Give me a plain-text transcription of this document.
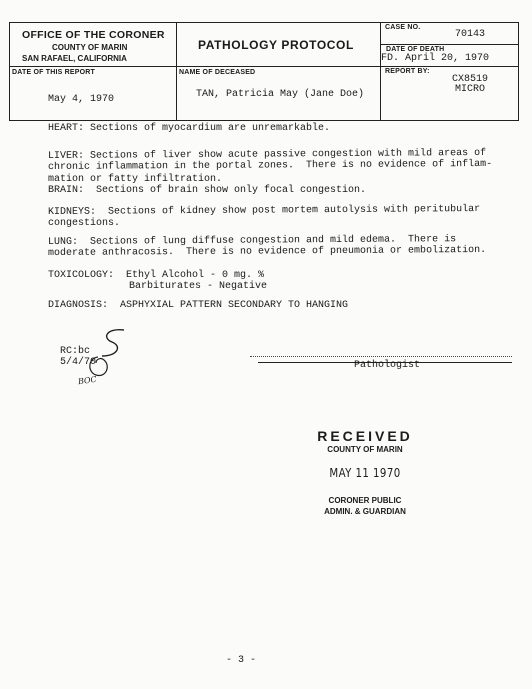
OFFICE OF THE CORONER
COUNTY OF MARIN
SAN RAFAEL, CALIFORNIA
PATHOLOGY PROTOCOL
CASE NO.
70143
DATE OF DEATH
FD. April 20, 1970
DATE OF THIS REPORT
May 4, 1970
NAME OF DECEASED
TAN, Patricia May (Jane Doe)
REPORT BY:
CX8519
MICRO
HEART: Sections of myocardium are unremarkable.
LIVER: Sections of liver show acute passive congestion with mild areas of
chronic inflammation in the portal zones.  There is no evidence of inflam-
mation or fatty infiltration.
BRAIN:  Sections of brain show only focal congestion.
KIDNEYS:  Sections of kidney show post mortem autolysis with peritubular
congestions.
LUNG:  Sections of lung diffuse congestion and mild edema.  There is
moderate anthracosis.  There is no evidence of pneumonia or embolization.
TOXICOLOGY:  Ethyl Alcohol - 0 mg. %
Barbiturates - Negative
DIAGNOSIS:  ASPHYXIAL PATTERN SECONDARY TO HANGING
RC:bc
5/4/70
BOC
Pathologist
RECEIVED
COUNTY OF MARIN
MAY 11 1970
CORONER PUBLIC
ADMIN. & GUARDIAN
- 3 -
